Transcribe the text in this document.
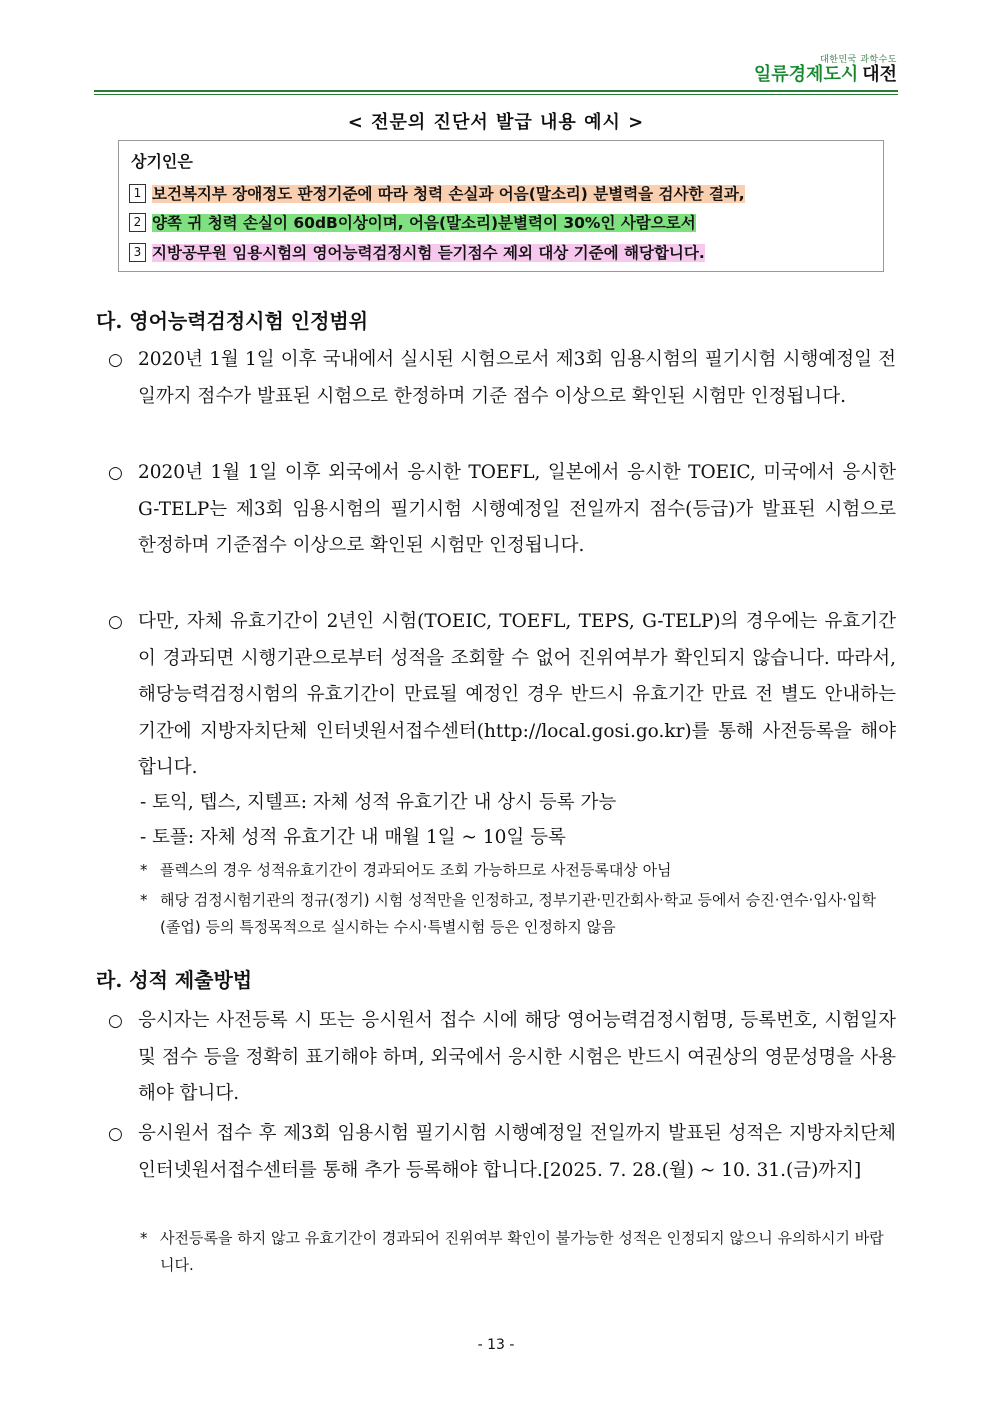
대한민국 과학수도
일류경제도시 대전
< 전문의 진단서 발급 내용 예시 >
상기인은
1 보건복지부 장애정도 판정기준에 따라 청력 손실과 어음(말소리) 분별력을 검사한 결과,
2 양쪽 귀 청력 손실이 60dB이상이며, 어음(말소리)분별력이 30%인 사람으로서
3 지방공무원 임용시험의 영어능력검정시험 듣기점수 제외 대상 기준에 해당합니다.
다. 영어능력검정시험 인정범위
○ 2020년 1월 1일 이후 국내에서 실시된 시험으로서 제3회 임용시험의 필기시험 시행예정일 전일까지 점수가 발표된 시험으로 한정하며 기준 점수 이상으로 확인된 시험만 인정됩니다.
○ 2020년 1월 1일 이후 외국에서 응시한 TOEFL, 일본에서 응시한 TOEIC, 미국에서 응시한 G-TELP는 제3회 임용시험의 필기시험 시행예정일 전일까지 점수(등급)가 발표된 시험으로 한정하며 기준점수 이상으로 확인된 시험만 인정됩니다.
○ 다만, 자체 유효기간이 2년인 시험(TOEIC, TOEFL, TEPS, G-TELP)의 경우에는 유효기간이 경과되면 시행기관으로부터 성적을 조회할 수 없어 진위여부가 확인되지 않습니다. 따라서, 해당능력검정시험의 유효기간이 만료될 예정인 경우 반드시 유효기간 만료 전 별도 안내하는 기간에 지방자치단체 인터넷원서접수센터(http://local.gosi.go.kr)를 통해 사전등록을 해야 합니다.
- 토익, 텝스, 지텔프: 자체 성적 유효기간 내 상시 등록 가능
- 토플: 자체 성적 유효기간 내 매월 1일 ~ 10일 등록
* 플렉스의 경우 성적유효기간이 경과되어도 조회 가능하므로 사전등록대상 아님
* 해당 검정시험기관의 정규(정기) 시험 성적만을 인정하고, 정부기관·민간회사·학교 등에서 승진·연수·입사·입학(졸업) 등의 특정목적으로 실시하는 수시·특별시험 등은 인정하지 않음
라. 성적 제출방법
○ 응시자는 사전등록 시 또는 응시원서 접수 시에 해당 영어능력검정시험명, 등록번호, 시험일자 및 점수 등을 정확히 표기해야 하며, 외국에서 응시한 시험은 반드시 여권상의 영문성명을 사용해야 합니다.
○ 응시원서 접수 후 제3회 임용시험 필기시험 시행예정일 전일까지 발표된 성적은 지방자치단체 인터넷원서접수센터를 통해 추가 등록해야 합니다.[2025. 7. 28.(월) ~ 10. 31.(금)까지]
* 사전등록을 하지 않고 유효기간이 경과되어 진위여부 확인이 불가능한 성적은 인정되지 않으니 유의하시기 바랍니다.
- 13 -
